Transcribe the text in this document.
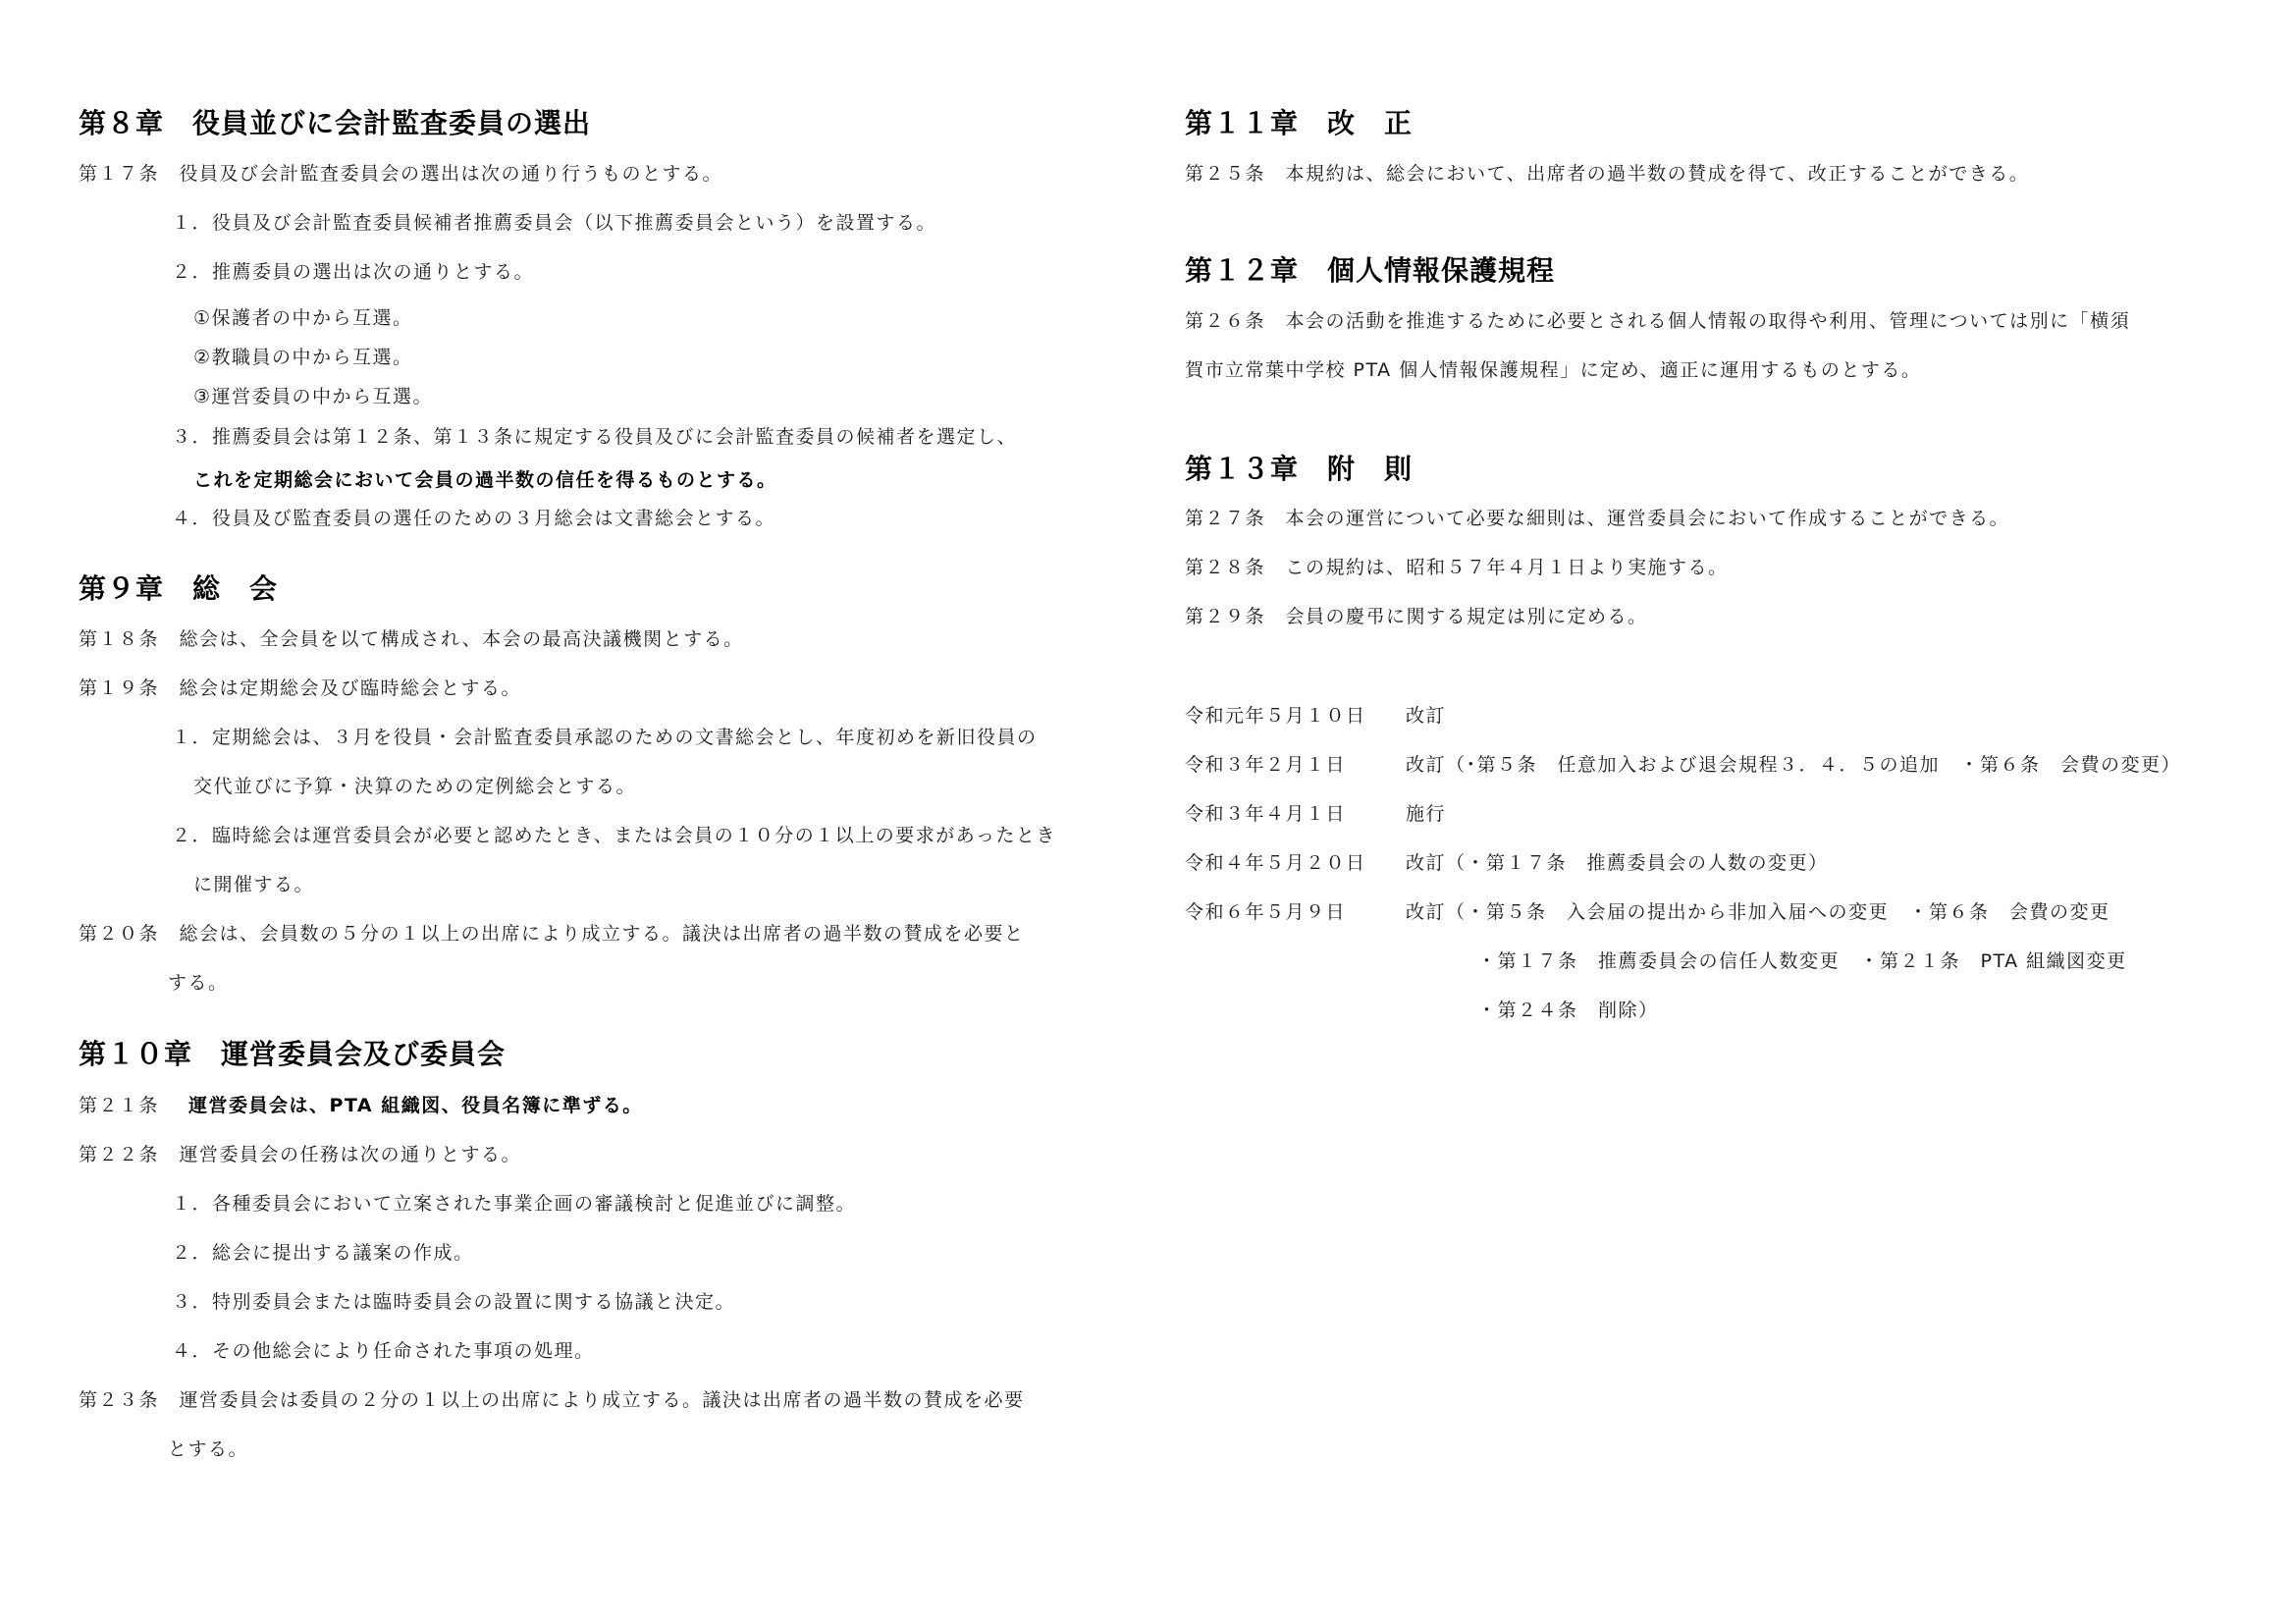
第８章　役員並びに会計監査委員の選出
第１７条　役員及び会計監査委員会の選出は次の通り行うものとする。
１．役員及び会計監査委員候補者推薦委員会（以下推薦委員会という）を設置する。
２．推薦委員の選出は次の通りとする。
①保護者の中から互選。
②教職員の中から互選。
③運営委員の中から互選。
３．推薦委員会は第１２条、第１３条に規定する役員及びに会計監査委員の候補者を選定し、
これを定期総会において会員の過半数の信任を得るものとする。
４．役員及び監査委員の選任のための３月総会は文書総会とする。
第９章　総　会
第１８条　総会は、全会員を以て構成され、本会の最高決議機関とする。
第１９条　総会は定期総会及び臨時総会とする。
１．定期総会は、３月を役員・会計監査委員承認のための文書総会とし、年度初めを新旧役員の
交代並びに予算・決算のための定例総会とする。
２．臨時総会は運営委員会が必要と認めたとき、または会員の１０分の１以上の要求があったとき
に開催する。
第２０条　総会は、会員数の５分の１以上の出席により成立する。議決は出席者の過半数の賛成を必要と
する。
第１０章　運営委員会及び委員会
第２１条 運営委員会は、PTA 組織図、役員名簿に準ずる。
第２２条　運営委員会の任務は次の通りとする。
１．各種委員会において立案された事業企画の審議検討と促進並びに調整。
２．総会に提出する議案の作成。
３．特別委員会または臨時委員会の設置に関する協議と決定。
４．その他総会により任命された事項の処理。
第２３条　運営委員会は委員の２分の１以上の出席により成立する。議決は出席者の過半数の賛成を必要
とする。
第１１章　改　正
第２５条　本規約は、総会において、出席者の過半数の賛成を得て、改正することができる。
第１２章　個人情報保護規程
第２６条　本会の活動を推進するために必要とされる個人情報の取得や利用、管理については別に「横須
賀市立常葉中学校 PTA 個人情報保護規程」に定め、適正に運用するものとする。
第１３章　附　則
第２７条　本会の運営について必要な細則は、運営委員会において作成することができる。
第２８条　この規約は、昭和５７年４月１日より実施する。
第２９条　会員の慶弔に関する規定は別に定める。
令和元年５月１０日 改訂
令和３年２月１日	改訂（･第５条　任意加入および退会規程３．４．５の追加　・第６条　会費の変更）
令和３年４月１日	施行
令和４年５月２０日 改訂（・第１７条　推薦委員会の人数の変更）
令和６年５月９日	改訂（・第５条　入会届の提出から非加入届への変更　・第６条　会費の変更
・第１７条　推薦委員会の信任人数変更　・第２１条　PTA 組織図変更
・第２４条　削除）
